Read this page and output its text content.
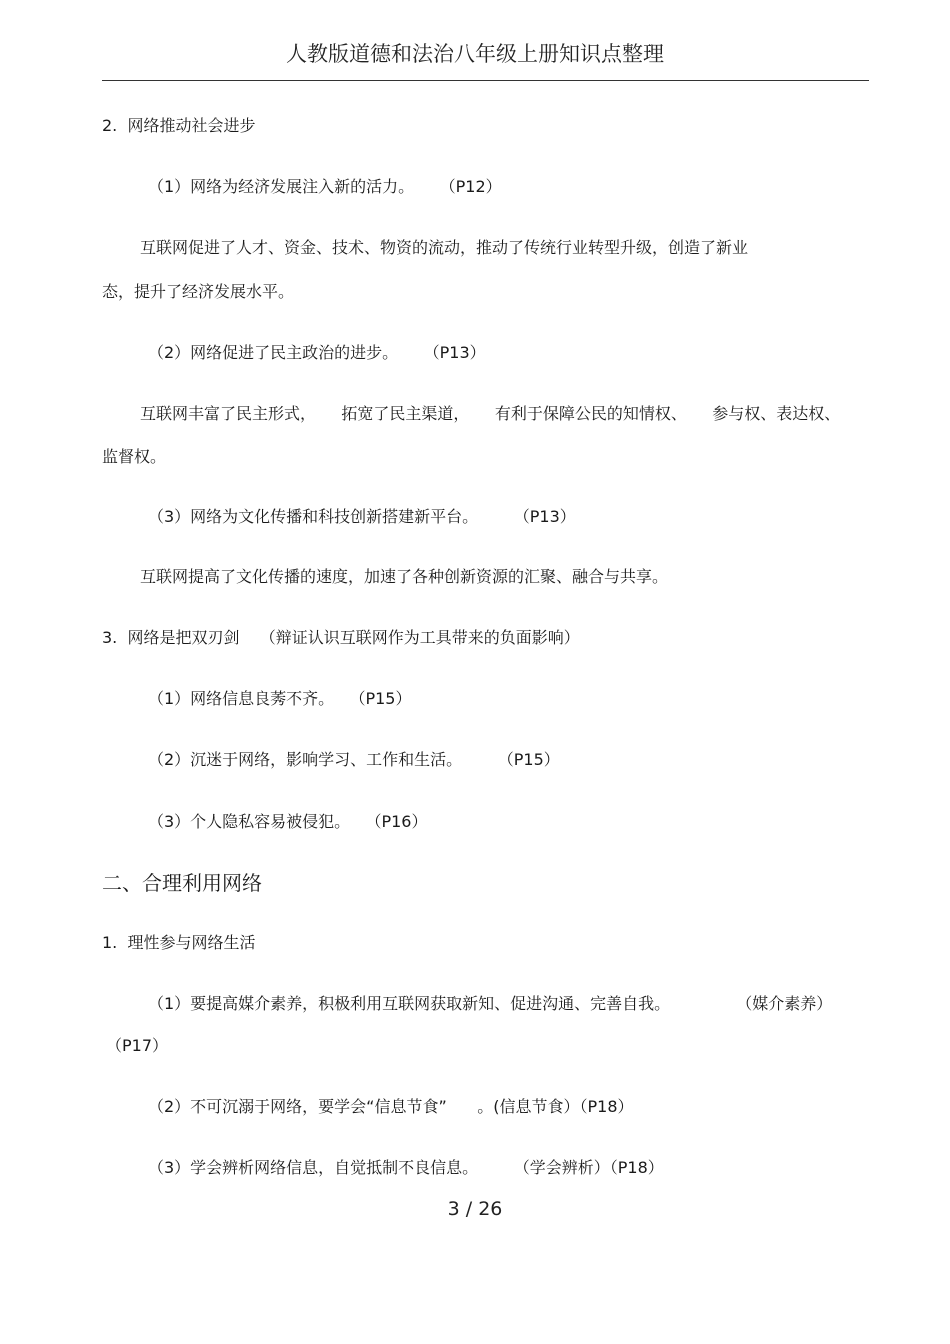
人教版道德和法治八年级上册知识点整理
2.  网络推动社会进步
（1）网络为经济发展注入新的活力。     （P12）
互联网促进了人才、资金、技术、物资的流动，推动了传统行业转型升级，创造了新业
态，提升了经济发展水平。
（2）网络促进了民主政治的进步。     （P13）
互联网丰富了民主形式，     拓宽了民主渠道，     有利于保障公民的知情权、     参与权、表达权、
监督权。
（3）网络为文化传播和科技创新搭建新平台。       （P13）
互联网提高了文化传播的速度，加速了各种创新资源的汇聚、融合与共享。
3.  网络是把双刃剑    （辩证认识互联网作为工具带来的负面影响）
（1）网络信息良莠不齐。   （P15）
（2）沉迷于网络，影响学习、工作和生活。       （P15）
（3）个人隐私容易被侵犯。   （P16）
二、合理利用网络
1.  理性参与网络生活
（1）要提高媒介素养，积极利用互联网获取新知、促进沟通、完善自我。             （媒介素养）
（P17）
（2）不可沉溺于网络，要学会“信息节食”      。(信息节食）（P18）
（3）学会辨析网络信息，自觉抵制不良信息。       （学会辨析）（P18）
3 / 26
